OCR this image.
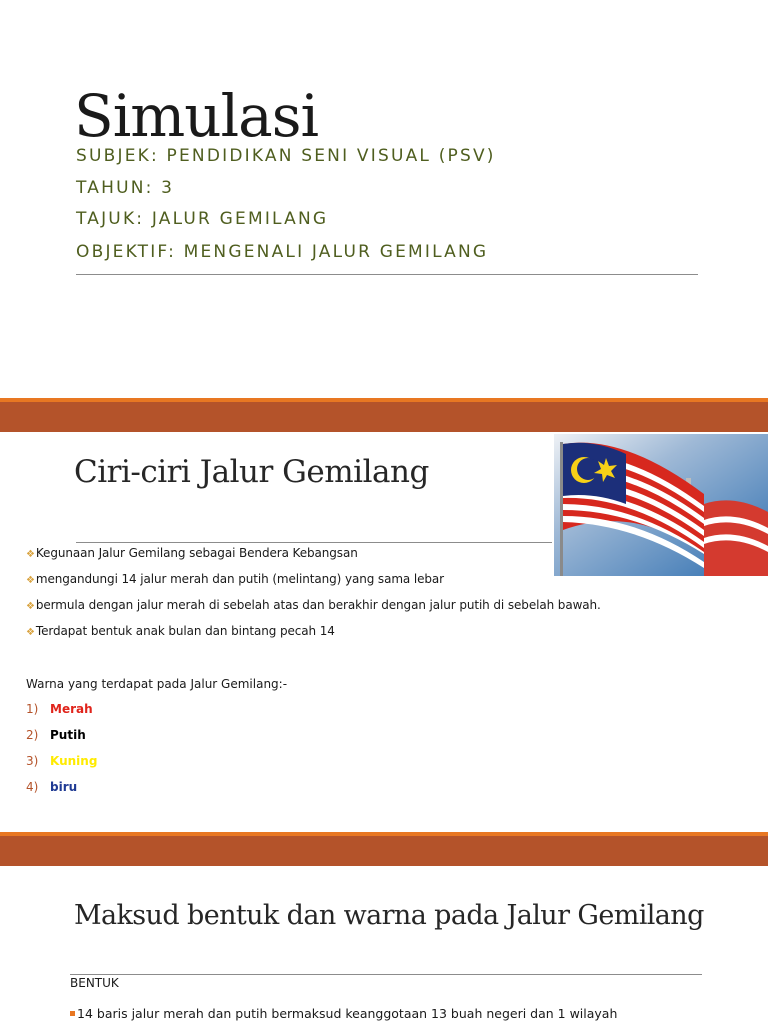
Simulasi
SUBJEK: PENDIDIKAN SENI VISUAL (PSV)
TAHUN: 3
TAJUK: JALUR GEMILANG
OBJEKTIF: MENGENALI JALUR GEMILANG
Ciri-ciri Jalur Gemilang
❖Kegunaan Jalur Gemilang sebagai Bendera Kebangsan
❖mengandungi 14 jalur merah dan putih (melintang) yang sama lebar
❖bermula dengan jalur merah di sebelah atas dan berakhir dengan jalur putih di sebelah bawah.
❖Terdapat bentuk anak bulan dan bintang pecah 14
Warna yang terdapat pada Jalur Gemilang:-
1) Merah
2) Putih
3) Kuning
4) biru
Maksud bentuk dan warna pada Jalur Gemilang
BENTUK
14 baris jalur merah dan putih bermaksud keanggotaan 13 buah negeri dan 1 wilayah
